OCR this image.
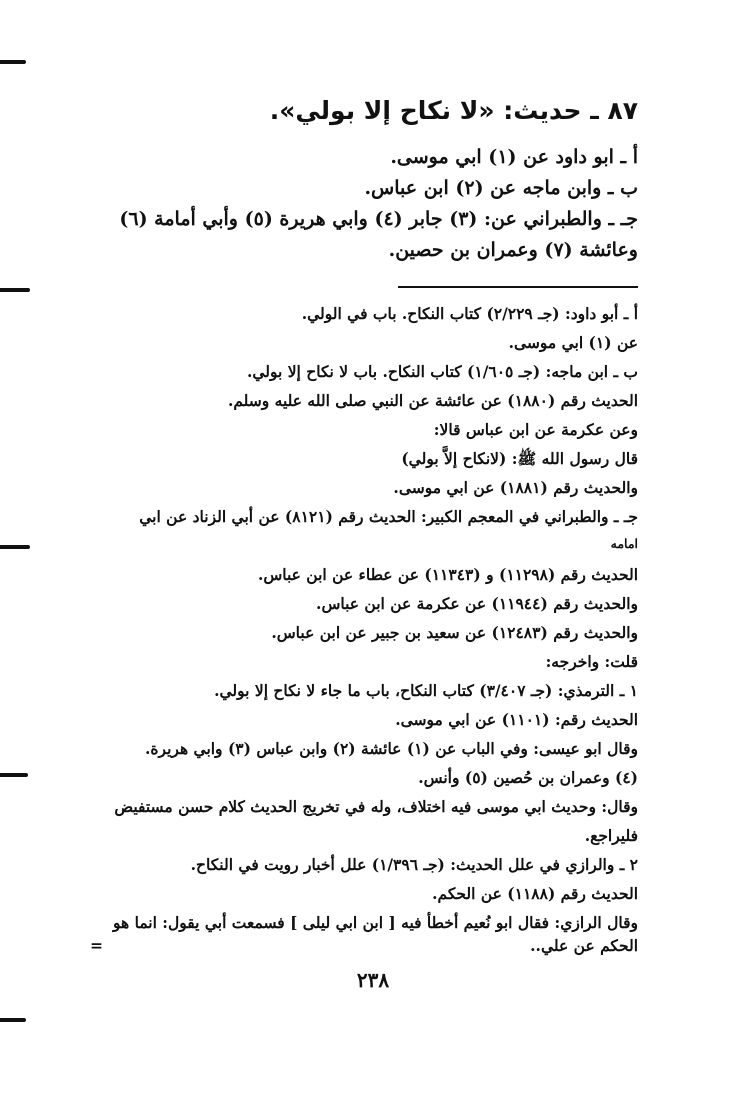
٨٧ ـ حديث: «لا نكاح إلا بولي».
أ ـ ابو داود عن (١) ابي موسى.
ب ـ وابن ماجه عن (٢) ابن عباس.
جـ ـ والطبراني عن: (٣) جابر (٤) وابي هريرة (٥) وأبي أمامة (٦)
وعائشة (٧) وعمران بن حصين.
أ ـ أبو داود: (جـ ٢/٢٢٩) كتاب النكاح. باب في الولي.
عن (١) ابي موسى.
ب ـ ابن ماجه: (جـ ١/٦٠٥) كتاب النكاح. باب لا نكاح إلا بولي.
الحديث رقم (١٨٨٠) عن عائشة عن النبي صلى الله عليه وسلم.
وعن عكرمة عن ابن عباس قالا:
قال رسول الله ﷺ: (لانكاح إلاَّ بولي)
والحديث رقم (١٨٨١) عن ابي موسى.
جـ ـ والطبراني في المعجم الكبير: الحديث رقم (٨١٢١) عن أبي الزناد عن ابي
امامه
الحديث رقم (١١٢٩٨) و (١١٣٤٣) عن عطاء عن ابن عباس.
والحديث رقم (١١٩٤٤) عن عكرمة عن ابن عباس.
والحديث رقم (١٢٤٨٣) عن سعيد بن جبير عن ابن عباس.
قلت: واخرجه:
١ ـ الترمذي: (جـ ٣/٤٠٧) كتاب النكاح، باب ما جاء لا نكاح إلا بولي.
الحديث رقم: (١١٠١) عن ابي موسى.
وقال ابو عيسى: وفي الباب عن (١) عائشة (٢) وابن عباس (٣) وابي هريرة.
(٤) وعمران بن حُصين (٥) وأنس.
وقال: وحديث ابي موسى فيه اختلاف، وله في تخريج الحديث كلام حسن مستفيض
فليراجع.
٢ ـ والرازي في علل الحديث: (جـ ١/٣٩٦) علل أخبار رويت في النكاح.
الحديث رقم (١١٨٨) عن الحكم.
وقال الرازي: فقال ابو نُعيم أخطأ فيه [ ابن ابي ليلى ] فسمعت أبي يقول: انما هو
الحكم عن علي..
=
٢٣٨
